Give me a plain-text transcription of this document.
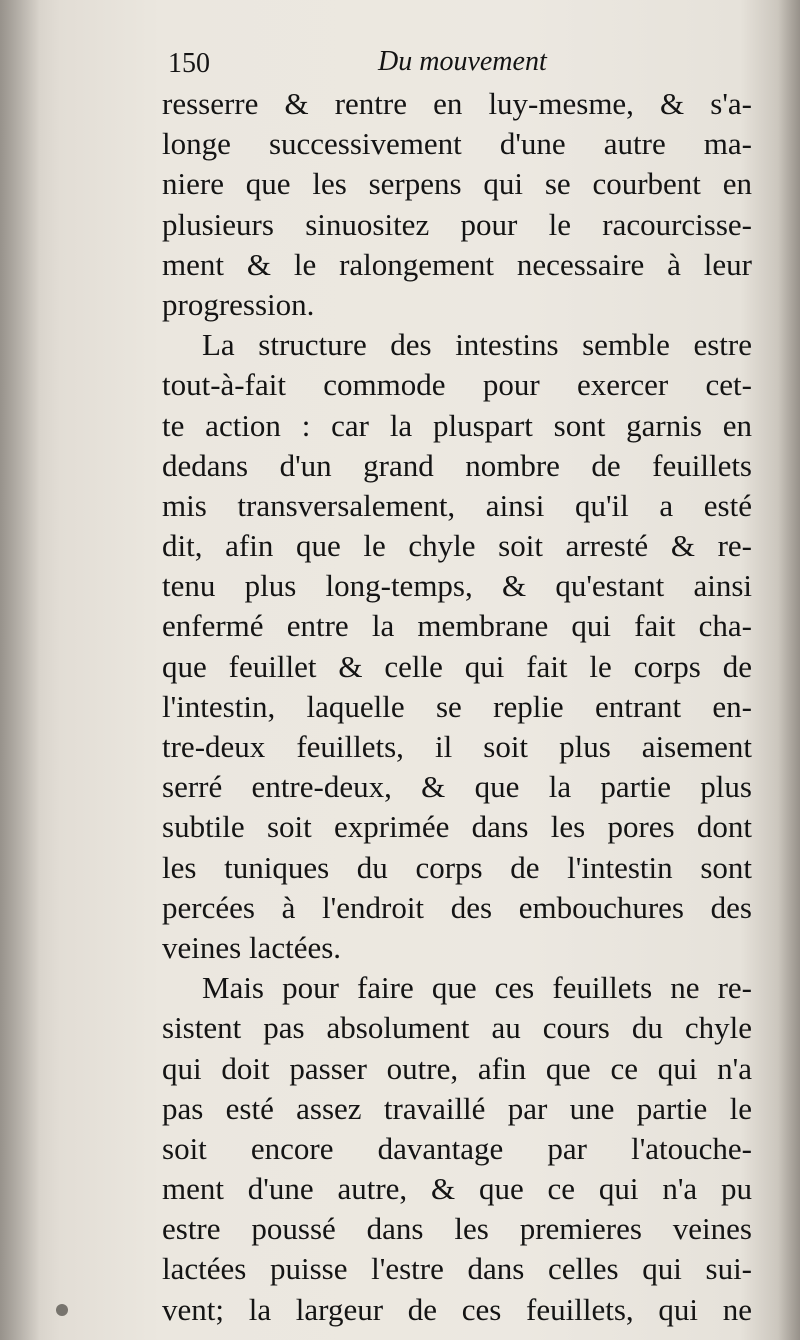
150	Du mouvement
resserre & rentre en luy-mesme, & s'a-
longe successivement d'une autre ma-
niere que les serpens qui se courbent en
plusieurs sinuositez pour le racourcisse-
ment & le ralongement necessaire à leur
progression.
La structure des intestins semble estre
tout-à-fait commode pour exercer cet-
te action : car la pluspart sont garnis en
dedans d'un grand nombre de feuillets
mis transversalement, ainsi qu'il a esté
dit, afin que le chyle soit arresté & re-
tenu plus long-temps, & qu'estant ainsi
enfermé entre la membrane qui fait cha-
que feuillet & celle qui fait le corps de
l'intestin, laquelle se replie entrant en-
tre-deux feuillets, il soit plus aisement
serré entre-deux, & que la partie plus
subtile soit exprimée dans les pores dont
les tuniques du corps de l'intestin sont
percées à l'endroit des embouchures des
veines lactées.
Mais pour faire que ces feuillets ne re-
sistent pas absolument au cours du chyle
qui doit passer outre, afin que ce qui n'a
pas esté assez travaillé par une partie le
soit encore davantage par l'atouche-
ment d'une autre, & que ce qui n'a pu
estre poussé dans les premieres veines
lactées puisse l'estre dans celles qui sui-
vent; la largeur de ces feuillets, qui ne
